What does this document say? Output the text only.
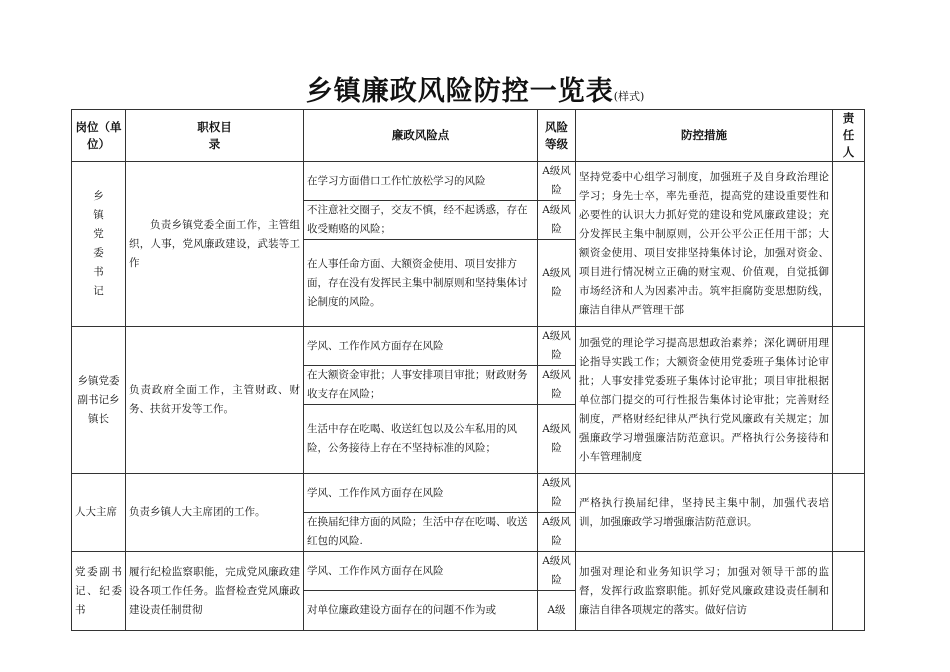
乡镇廉政风险防控一览表(样式)
岗位（单位）	职权目录	廉政风险点	风险等级	防控措施	责任人
乡镇党委书记	负责乡镇党委全面工作，主管组织，人事，党风廉政建设，武装等工作	在学习方面借口工作忙放松学习的风险	A级风险	坚持党委中心组学习制度，加强班子及自身政治理论学习；身先士卒，率先垂范，提高党的建设重要性和必要性的认识大力抓好党的建设和党风廉政建设；充分发挥民主集中制原则，公开公平公正任用干部；大额资金使用、项目安排坚持集体讨论，加强对资金、项目进行情况树立正确的财宝观、价值观，自觉抵御市场经济和人为因素冲击。筑牢拒腐防变思想防线，廉洁自律从严管理干部	
		不注意社交圈子，交友不慎，经不起诱惑，存在收受贿赂的风险；	A级风险		
		在人事任命方面、大额资金使用、项目安排方面，存在没有发挥民主集中制原则和坚持集体讨论制度的风险。	A级风险		
乡镇党委副书记乡镇长	负责政府全面工作，主管财政、财务、扶贫开发等工作。	学风、工作作风方面存在风险	A级风险	加强党的理论学习提高思想政治素养；深化调研用理论指导实践工作；大额资金使用党委班子集体讨论审批；人事安排党委班子集体讨论审批；项目审批根据单位部门提交的可行性报告集体讨论审批；完善财经制度，严格财经纪律从严执行党风廉政有关规定；加强廉政学习增强廉洁防范意识。严格执行公务接待和小车管理制度	
		在大额资金审批；人事安排项目审批；财政财务收支存在风险；	A级风险		
		生活中存在吃喝、收送红包以及公车私用的风险，公务接待上存在不坚持标准的风险；	A级风险		
人大主席	负责乡镇人大主席团的工作。	学风、工作作风方面存在风险	A级风险	严格执行换届纪律，坚持民主集中制，加强代表培训，加强廉政学习增强廉洁防范意识。	
		在换届纪律方面的风险；生活中存在吃喝、收送红包的风险.	A级风险		
党委副书记、纪委书	履行纪检监察职能，完成党风廉政建设各项工作任务。监督检查党风廉政建设责任制贯彻	学风、工作作风方面存在风险	A级风险	加强对理论和业务知识学习；加强对领导干部的监督，发挥行政监察职能。抓好党风廉政建设责任制和廉洁自律各项规定的落实。做好信访	
		对单位廉政建设方面存在的问题不作为或	A级		
